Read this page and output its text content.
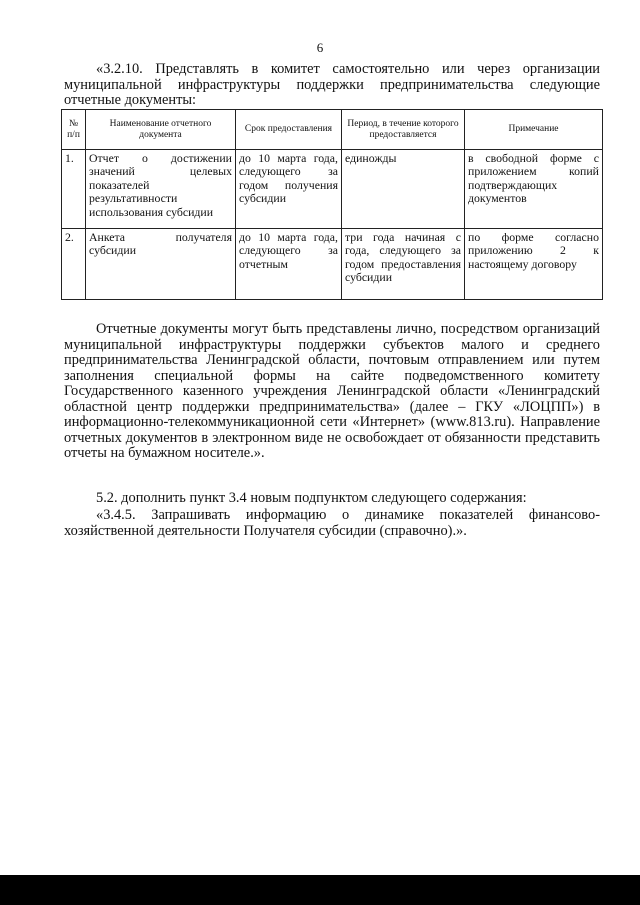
6
«3.2.10. Представлять в комитет самостоятельно или через организации муниципальной инфраструктуры поддержки предпринимательства следующие отчетные документы:
№ п/п	Наименование отчетного документа	Срок предоставления	Период, в течение которого предоставляется	Примечание
1.	Отчет о достижении значений целевых показателей результативности использования субсидии	до 10 марта года, следующего за годом получения субсидии	единожды	в свободной форме с приложением копий подтверждающих документов
2.	Анкета получателя субсидии	до 10 марта года, следующего за отчетным	три года начиная с года, следующего за годом предоставления субсидии	по форме согласно приложению 2 к настоящему договору
Отчетные документы могут быть представлены лично, посредством организаций муниципальной инфраструктуры поддержки субъектов малого и среднего предпринимательства Ленинградской области, почтовым отправлением или путем заполнения специальной формы на сайте подведомственного комитету Государственного казенного учреждения Ленинградской области «Ленинградский областной центр поддержки предпринимательства» (далее – ГКУ «ЛОЦПП») в информационно-телекоммуникационной сети «Интернет» (www.813.ru). Направление отчетных документов в электронном виде не освобождает от обязанности представить отчеты на бумажном носителе.».
5.2. дополнить пункт 3.4 новым подпунктом следующего содержания:
«3.4.5. Запрашивать информацию о динамике показателей финансово-хозяйственной деятельности Получателя субсидии (справочно).».
